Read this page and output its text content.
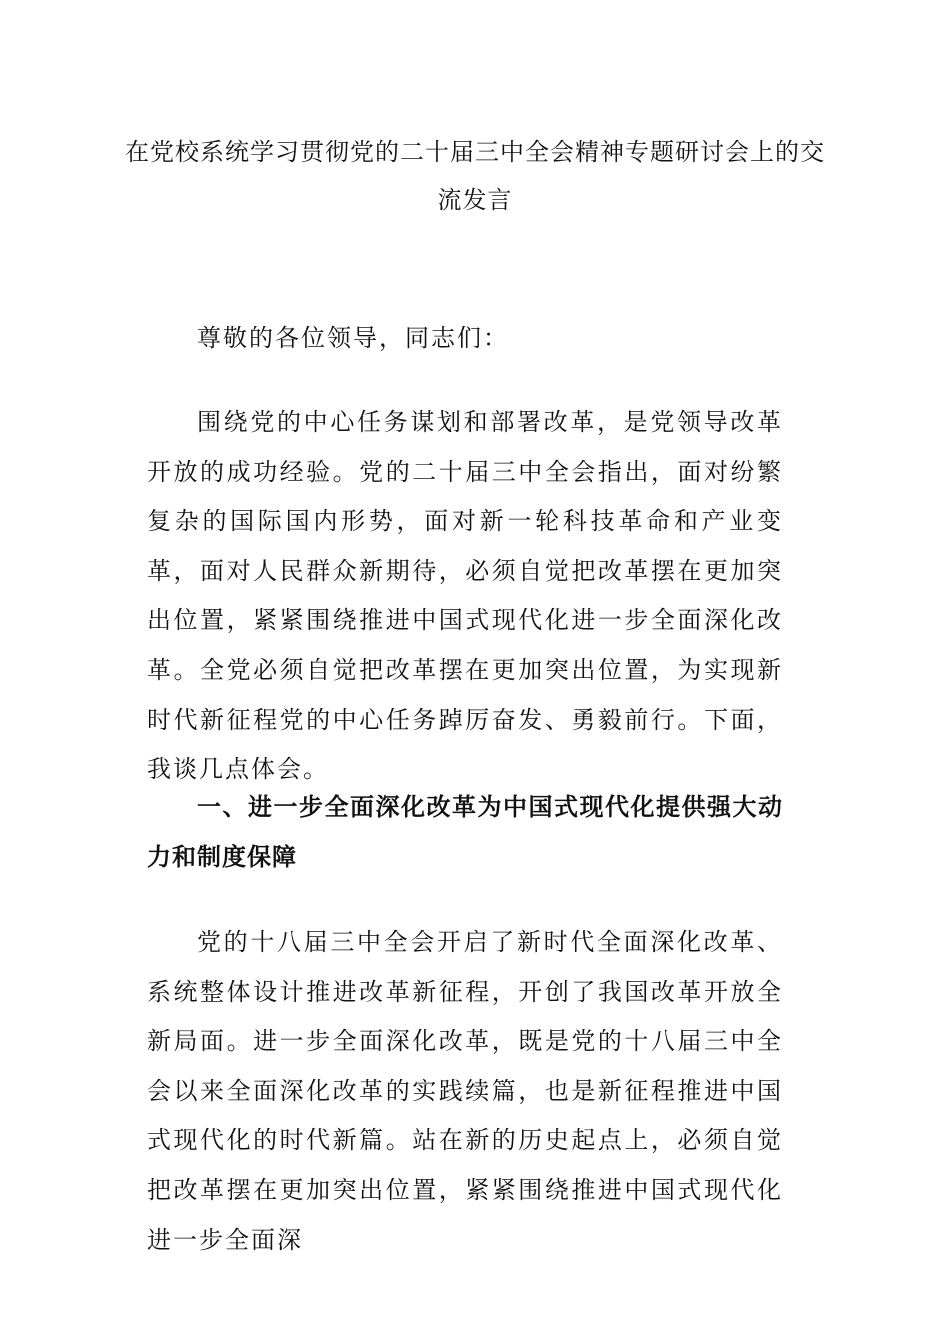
在党校系统学习贯彻党的二十届三中全会精神专题研讨会上的交流发言
尊敬的各位领导，同志们：

围绕党的中心任务谋划和部署改革，是党领导改革开放的成功经验。党的二十届三中全会指出，面对纷繁复杂的国际国内形势，面对新一轮科技革命和产业变革，面对人民群众新期待，必须自觉把改革摆在更加突出位置，紧紧围绕推进中国式现代化进一步全面深化改革。全党必须自觉把改革摆在更加突出位置，为实现新时代新征程党的中心任务踔厉奋发、勇毅前行。下面，我谈几点体会。

一、进一步全面深化改革为中国式现代化提供强大动力和制度保障

党的十八届三中全会开启了新时代全面深化改革、系统整体设计推进改革新征程，开创了我国改革开放全新局面。进一步全面深化改革，既是党的十八届三中全会以来全面深化改革的实践续篇，也是新征程推进中国式现代化的时代新篇。站在新的历史起点上，必须自觉把改革摆在更加突出位置，紧紧围绕推进中国式现代化进一步全面深
